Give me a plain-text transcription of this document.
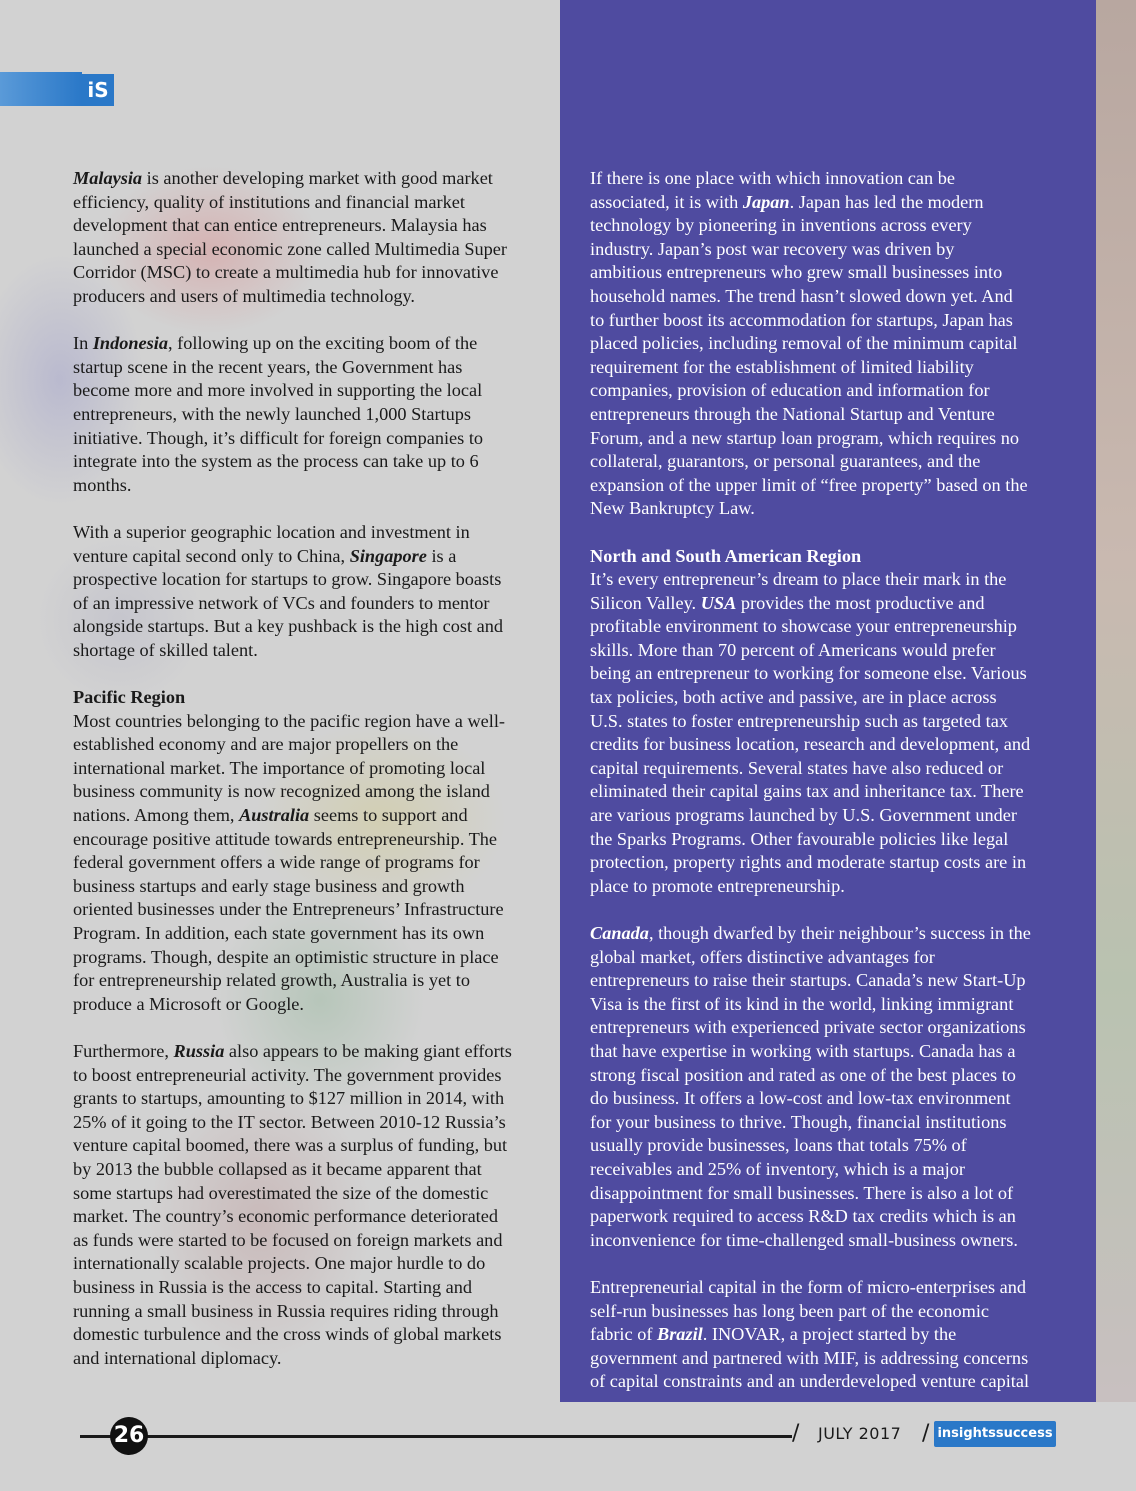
iS

Malaysia is another developing market with good market
efficiency, quality of institutions and financial market
development that can entice entrepreneurs. Malaysia has
launched a special economic zone called Multimedia Super
Corridor (MSC) to create a multimedia hub for innovative
producers and users of multimedia technology.

In Indonesia, following up on the exciting boom of the
startup scene in the recent years, the Government has
become more and more involved in supporting the local
entrepreneurs, with the newly launched 1,000 Startups
initiative. Though, it’s difficult for foreign companies to
integrate into the system as the process can take up to 6
months.

With a superior geographic location and investment in
venture capital second only to China, Singapore is a
prospective location for startups to grow. Singapore boasts
of an impressive network of VCs and founders to mentor
alongside startups. But a key pushback is the high cost and
shortage of skilled talent.

Pacific Region
Most countries belonging to the pacific region have a well-
established economy and are major propellers on the
international market. The importance of promoting local
business community is now recognized among the island
nations. Among them, Australia seems to support and
encourage positive attitude towards entrepreneurship. The
federal government offers a wide range of programs for
business startups and early stage business and growth
oriented businesses under the Entrepreneurs’ Infrastructure
Program. In addition, each state government has its own
programs. Though, despite an optimistic structure in place
for entrepreneurship related growth, Australia is yet to
produce a Microsoft or Google.

Furthermore, Russia also appears to be making giant efforts
to boost entrepreneurial activity. The government provides
grants to startups, amounting to $127 million in 2014, with
25% of it going to the IT sector. Between 2010-12 Russia’s
venture capital boomed, there was a surplus of funding, but
by 2013 the bubble collapsed as it became apparent that
some startups had overestimated the size of the domestic
market. The country’s economic performance deteriorated
as funds were started to be focused on foreign markets and
internationally scalable projects. One major hurdle to do
business in Russia is the access to capital. Starting and
running a small business in Russia requires riding through
domestic turbulence and the cross winds of global markets
and international diplomacy.

If there is one place with which innovation can be
associated, it is with Japan. Japan has led the modern
technology by pioneering in inventions across every
industry. Japan’s post war recovery was driven by
ambitious entrepreneurs who grew small businesses into
household names. The trend hasn’t slowed down yet. And
to further boost its accommodation for startups, Japan has
placed policies, including removal of the minimum capital
requirement for the establishment of limited liability
companies, provision of education and information for
entrepreneurs through the National Startup and Venture
Forum, and a new startup loan program, which requires no
collateral, guarantors, or personal guarantees, and the
expansion of the upper limit of “free property” based on the
New Bankruptcy Law.

North and South American Region
It’s every entrepreneur’s dream to place their mark in the
Silicon Valley. USA provides the most productive and
profitable environment to showcase your entrepreneurship
skills. More than 70 percent of Americans would prefer
being an entrepreneur to working for someone else. Various
tax policies, both active and passive, are in place across
U.S. states to foster entrepreneurship such as targeted tax
credits for business location, research and development, and
capital requirements. Several states have also reduced or
eliminated their capital gains tax and inheritance tax. There
are various programs launched by U.S. Government under
the Sparks Programs. Other favourable policies like legal
protection, property rights and moderate startup costs are in
place to promote entrepreneurship.

Canada, though dwarfed by their neighbour’s success in the
global market, offers distinctive advantages for
entrepreneurs to raise their startups. Canada’s new Start-Up
Visa is the first of its kind in the world, linking immigrant
entrepreneurs with experienced private sector organizations
that have expertise in working with startups. Canada has a
strong fiscal position and rated as one of the best places to
do business. It offers a low-cost and low-tax environment
for your business to thrive. Though, financial institutions
usually provide businesses, loans that totals 75% of
receivables and 25% of inventory, which is a major
disappointment for small businesses. There is also a lot of
paperwork required to access R&D tax credits which is an
inconvenience for time-challenged small-business owners.

Entrepreneurial capital in the form of micro-enterprises and
self-run businesses has long been part of the economic
fabric of Brazil. INOVAR, a project started by the
government and partnered with MIF, is addressing concerns
of capital constraints and an underdeveloped venture capital

26	/ JULY 2017 / insightssuccess
